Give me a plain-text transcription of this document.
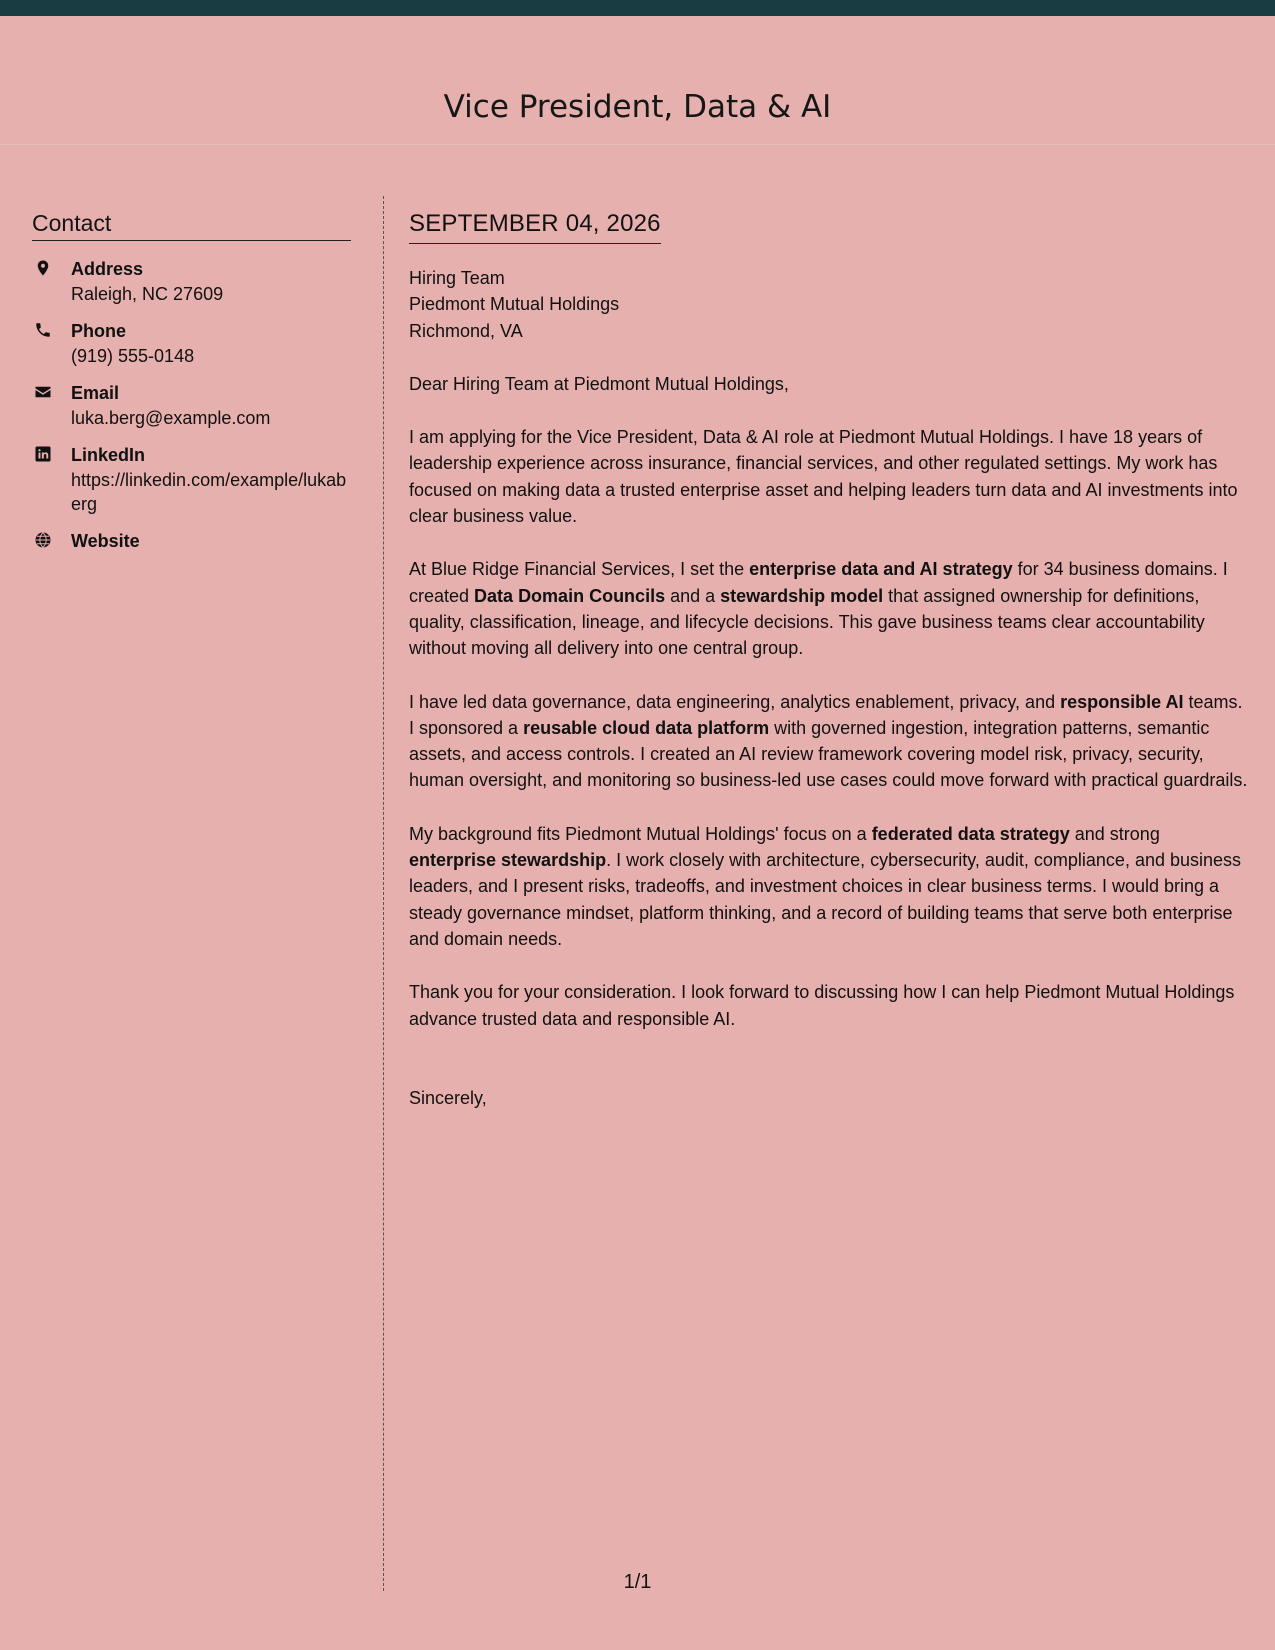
Vice President, Data & AI
Contact
Address
Raleigh, NC 27609
Phone
(919) 555-0148
Email
luka.berg@example.com
LinkedIn
https://linkedin.com/example/lukaberg
Website
SEPTEMBER 04, 2026
Hiring Team
Piedmont Mutual Holdings
Richmond, VA

Dear Hiring Team at Piedmont Mutual Holdings,

I am applying for the Vice President, Data & AI role at Piedmont Mutual Holdings. I have 18 years of leadership experience across insurance, financial services, and other regulated settings. My work has focused on making data a trusted enterprise asset and helping leaders turn data and AI investments into clear business value.

At Blue Ridge Financial Services, I set the enterprise data and AI strategy for 34 business domains. I created Data Domain Councils and a stewardship model that assigned ownership for definitions, quality, classification, lineage, and lifecycle decisions. This gave business teams clear accountability without moving all delivery into one central group.

I have led data governance, data engineering, analytics enablement, privacy, and responsible AI teams. I sponsored a reusable cloud data platform with governed ingestion, integration patterns, semantic assets, and access controls. I created an AI review framework covering model risk, privacy, security, human oversight, and monitoring so business-led use cases could move forward with practical guardrails.

My background fits Piedmont Mutual Holdings' focus on a federated data strategy and strong enterprise stewardship. I work closely with architecture, cybersecurity, audit, compliance, and business leaders, and I present risks, tradeoffs, and investment choices in clear business terms. I would bring a steady governance mindset, platform thinking, and a record of building teams that serve both enterprise and domain needs.

Thank you for your consideration. I look forward to discussing how I can help Piedmont Mutual Holdings advance trusted data and responsible AI.

Sincerely,

1/1
